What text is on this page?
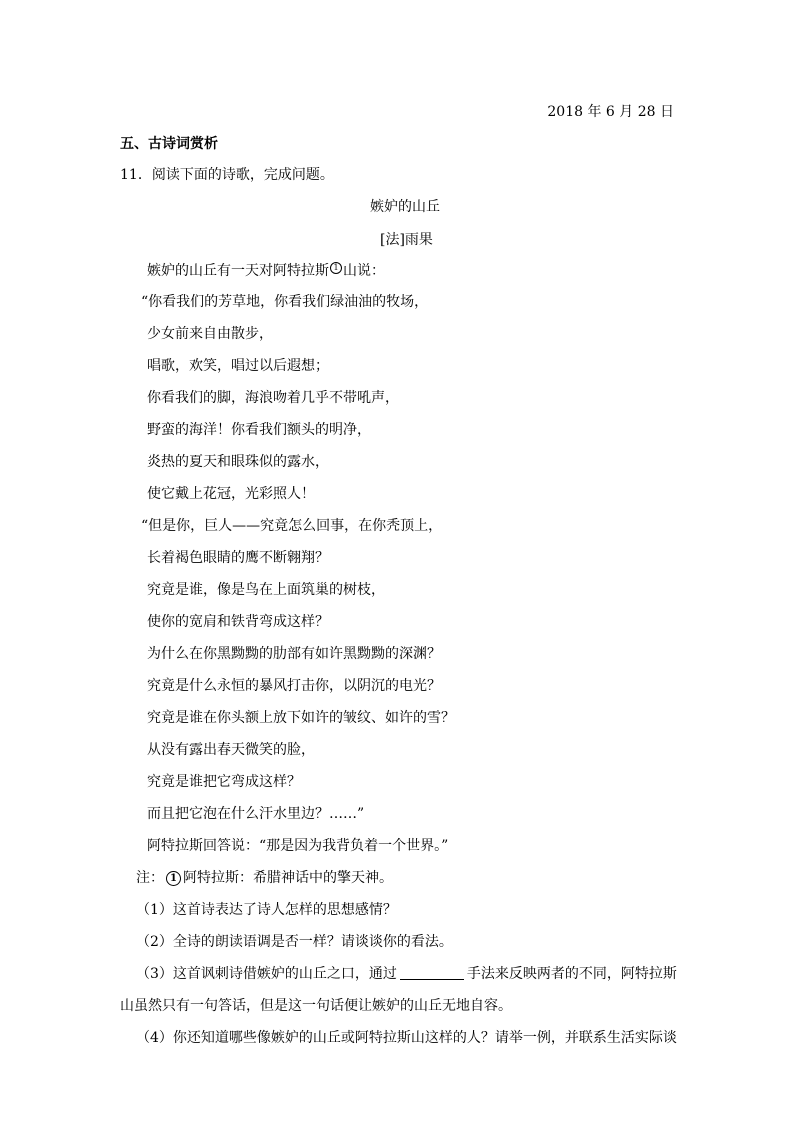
2018 年 6 月 28 日
五、古诗词赏析
11．阅读下面的诗歌，完成问题。
嫉妒的山丘
[法]雨果
嫉妒的山丘有一天对阿特拉斯 1 山说：
“你看我们的芳草地，你看我们绿油油的牧场，
少女前来自由散步，
唱歌，欢笑，唱过以后遐想；
你看我们的脚，海浪吻着几乎不带吼声，
野蛮的海洋！你看我们额头的明净，
炎热的夏天和眼珠似的露水，
使它戴上花冠，光彩照人！
“但是你，巨人——究竟怎么回事，在你秃顶上，
长着褐色眼睛的鹰不断翱翔？
究竟是谁，像是鸟在上面筑巢的树枝，
使你的宽肩和铁背弯成这样？
为什么在你黑黝黝的肋部有如许黑黝黝的深渊？
究竟是什么永恒的暴风打击你，以阴沉的电光？
究竟是谁在你头额上放下如许的皱纹、如许的雪？
从没有露出春天微笑的脸，
究竟是谁把它弯成这样？
而且把它泡在什么汗水里边？……”
阿特拉斯回答说：“那是因为我背负着一个世界。”
注： 1 阿特拉斯：希腊神话中的擎天神。
（1）这首诗表达了诗人怎样的思想感情？
（2）全诗的朗读语调是否一样？请谈谈你的看法。
（3）这首讽刺诗借嫉妒的山丘之口，通过	手法来反映两者的不同，阿特拉斯
山虽然只有一句答话，但是这一句话便让嫉妒的山丘无地自容。
（4）你还知道哪些像嫉妒的山丘或阿特拉斯山这样的人？请举一例，并联系生活实际谈
